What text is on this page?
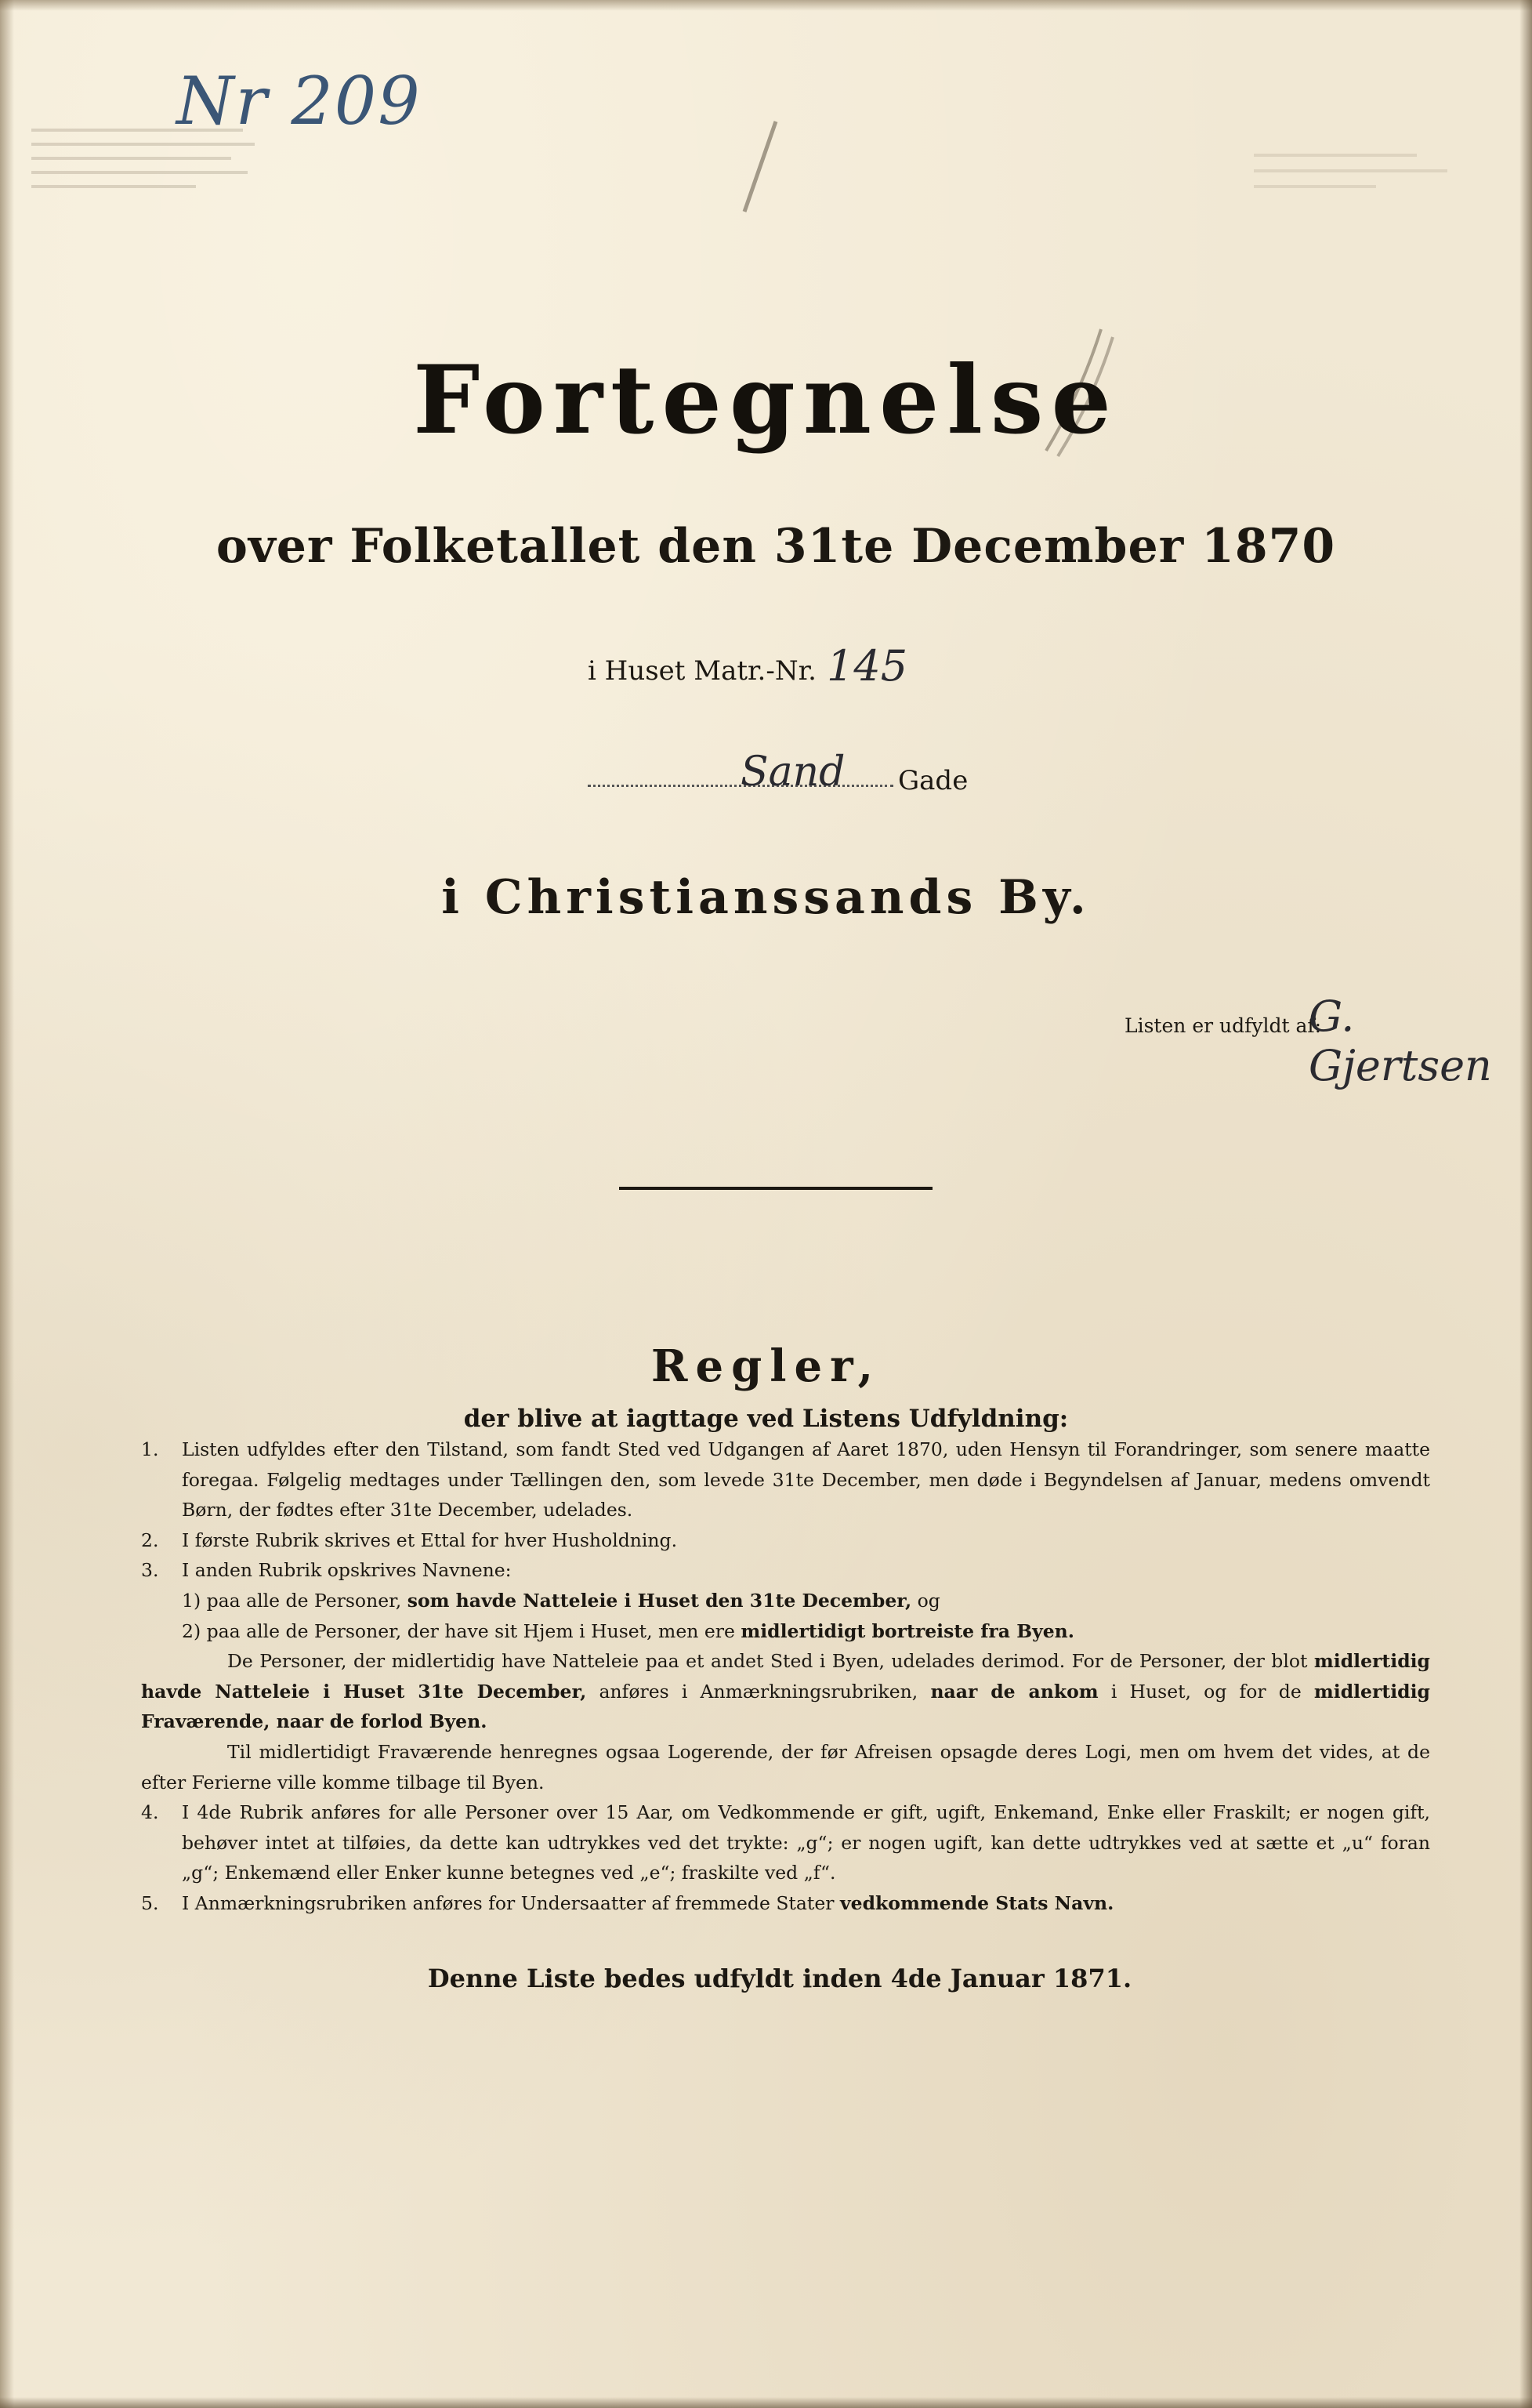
Nr 209
Fortegnelse
over Folketallet den 31te December 1870
i Huset Matr.-Nr. 145
Sand Gade
i Christianssands By.
Listen er udfyldt af:
G. Gjertsen
Regler,
der blive at iagttage ved Listens Udfyldning:

1. Listen udfyldes efter den Tilstand, som fandt Sted ved Udgangen af Aaret 1870, uden Hensyn til Forandringer, som senere maatte foregaa. Følgelig medtages under Tællingen den, som levede 31te December, men døde i Begyndelsen af Januar, medens omvendt Børn, der fødtes efter 31te December, udelades.

2. I første Rubrik skrives et Ettal for hver Husholdning.

3. I anden Rubrik opskrives Navnene:

1) paa alle de Personer, som havde Natteleie i Huset den 31te December, og

2) paa alle de Personer, der have sit Hjem i Huset, men ere midlertidigt bortreiste fra Byen.

De Personer, der midlertidig have Natteleie paa et andet Sted i Byen, udelades derimod. For de Personer, der blot midlertidig havde Natteleie i Huset 31te December, anføres i Anmærkningsrubriken, naar de ankom i Huset, og for de midlertidig Fraværende, naar de forlod Byen.

Til midlertidigt Fraværende henregnes ogsaa Logerende, der før Afreisen opsagde deres Logi, men om hvem det vides, at de efter Ferierne ville komme tilbage til Byen.

4. I 4de Rubrik anføres for alle Personer over 15 Aar, om Vedkommende er gift, ugift, Enkemand, Enke eller Fraskilt; er nogen gift, behøver intet at tilføies, da dette kan udtrykkes ved det trykte: „g“; er nogen ugift, kan dette udtrykkes ved at sætte et „u“ foran „g“; Enkemænd eller Enker kunne betegnes ved „e“; fraskilte ved „f“.

5. I Anmærkningsrubriken anføres for Undersaatter af fremmede Stater vedkommende Stats Navn.

Denne Liste bedes udfyldt inden 4de Januar 1871.
